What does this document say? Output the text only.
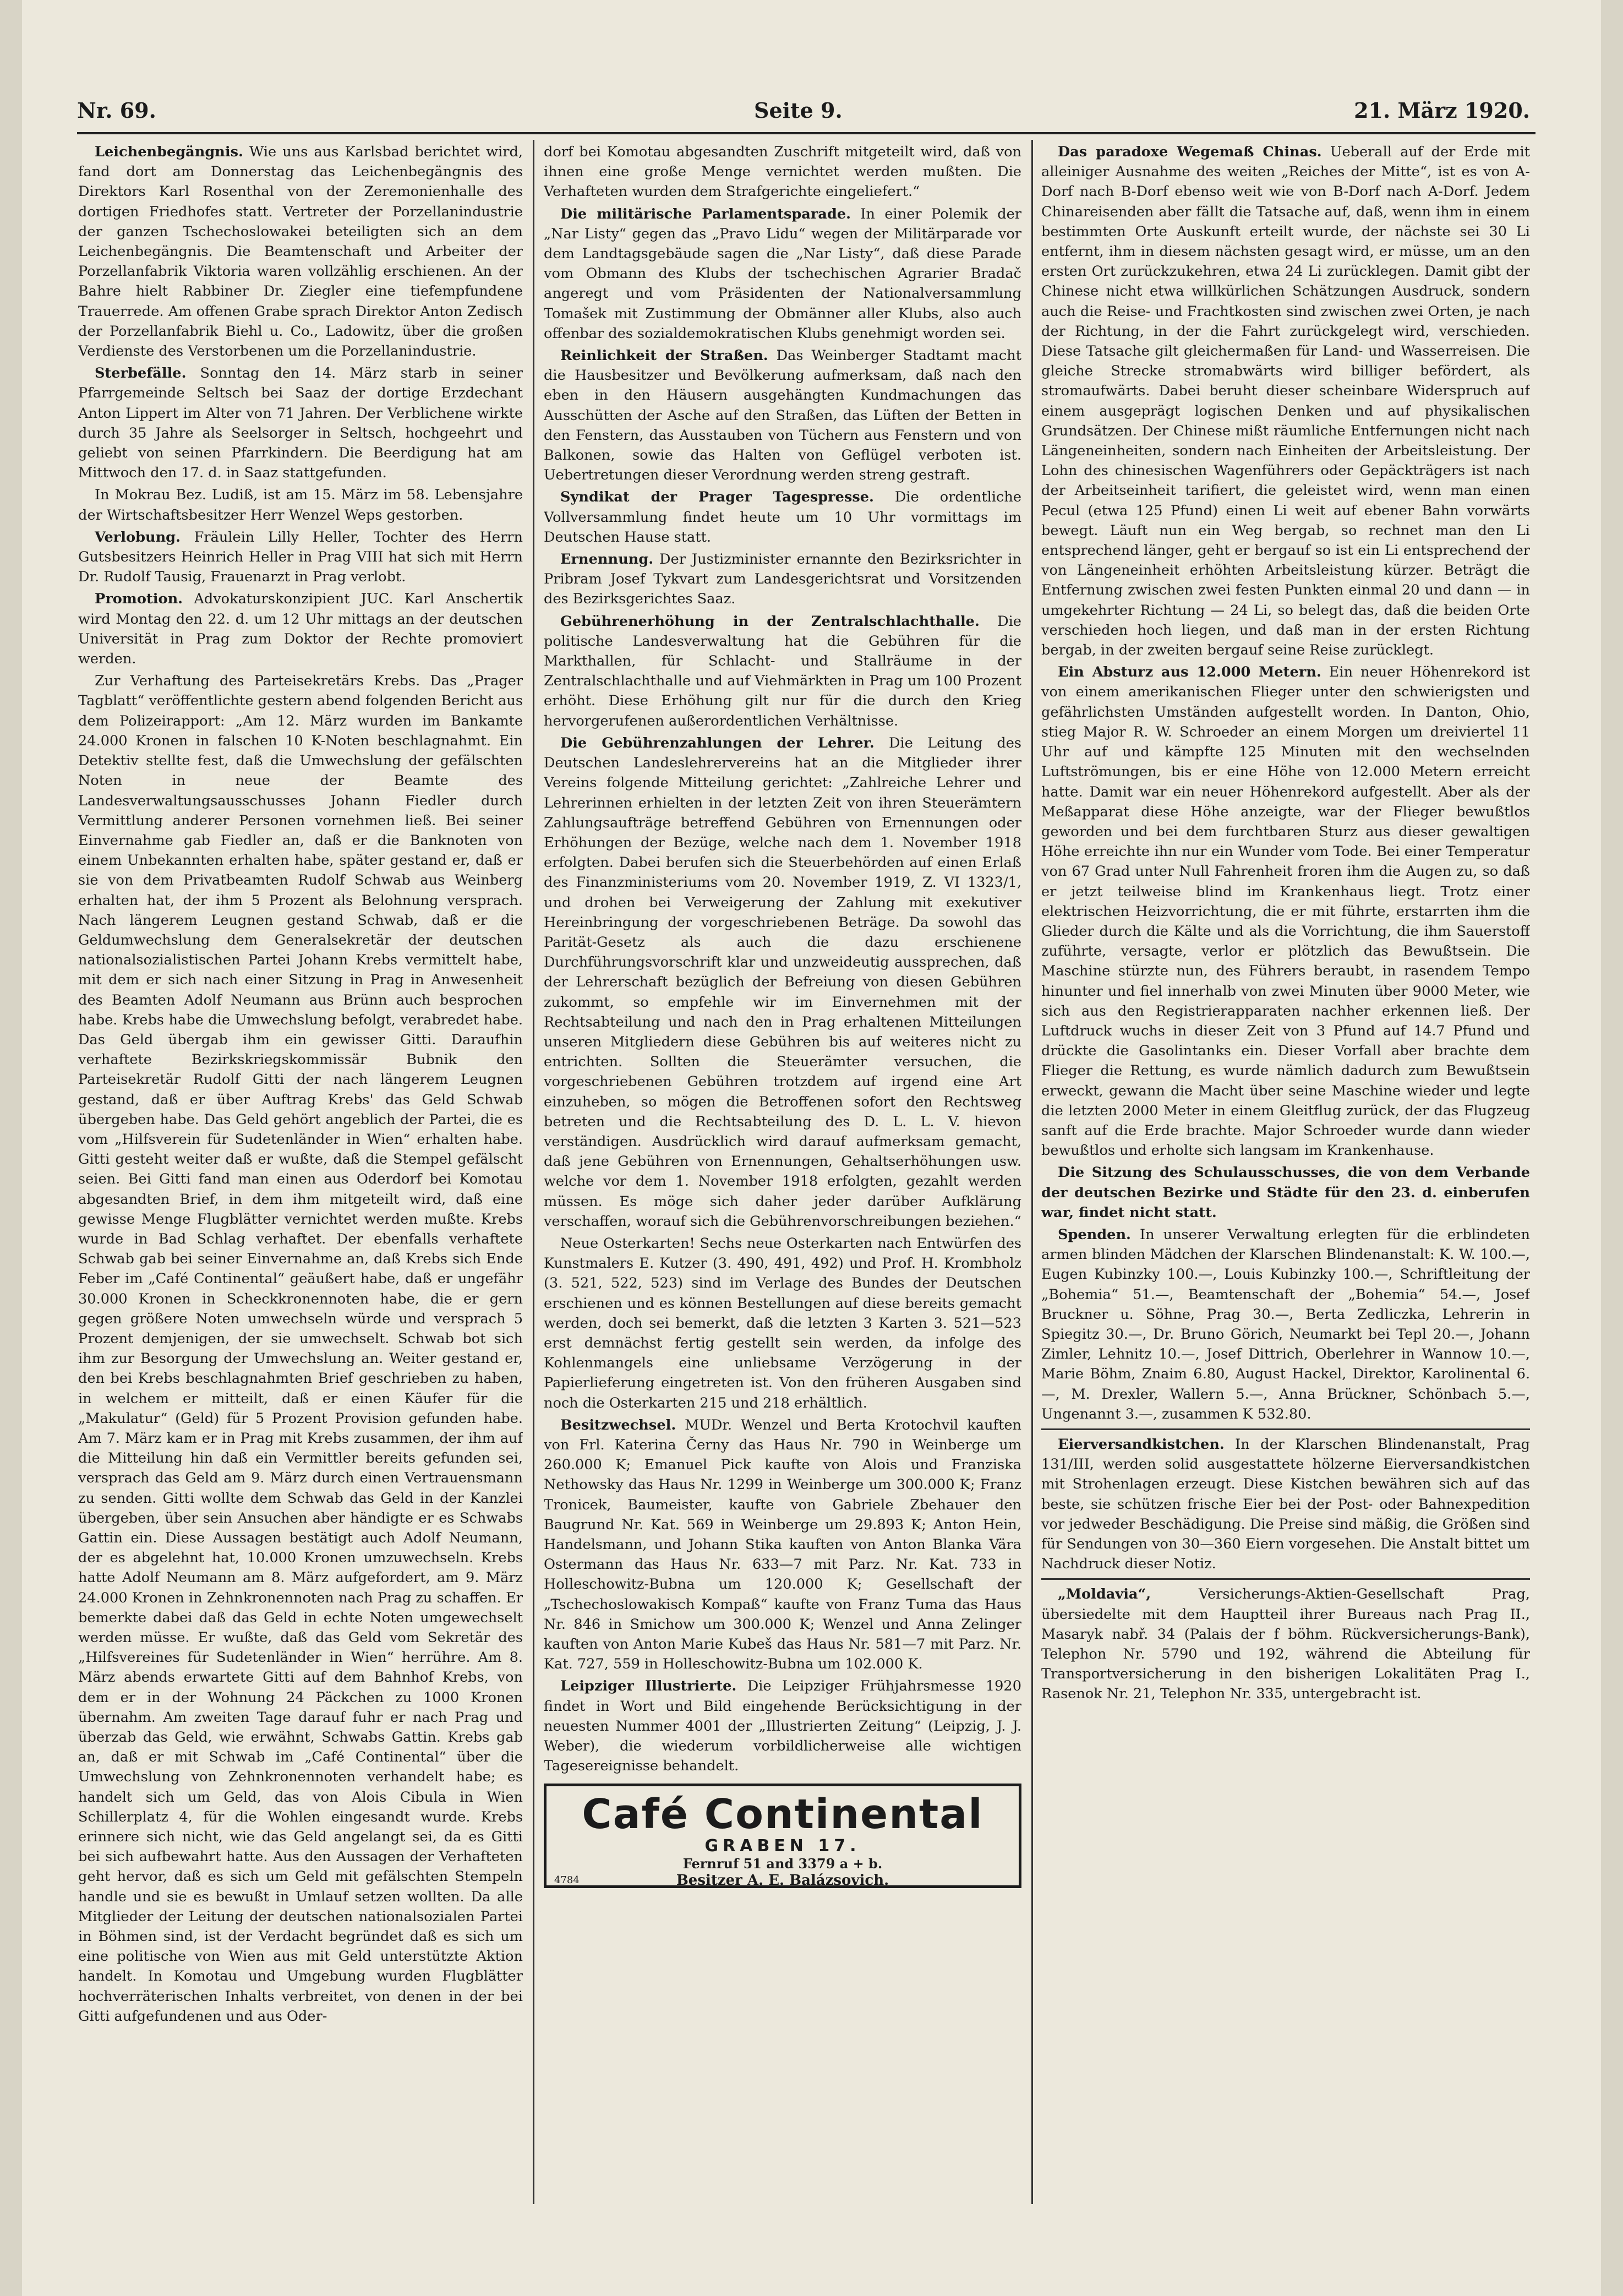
Nr. 69.	Seite 9.	21. März 1920.

Leichenbegängnis. Wie uns aus Karlsbad berichtet wird, fand dort am Donnerstag das Leichenbegängnis des Direktors Karl Rosenthal von der Zeremonienhalle des dortigen Friedhofes statt. Vertreter der Porzellanindustrie der ganzen Tschechoslowakei beteiligten sich an dem Leichenbegängnis. Die Beamtenschaft und Arbeiter der Porzellanfabrik Viktoria waren vollzählig erschienen. An der Bahre hielt Rabbiner Dr. Ziegler eine tiefempfundene Trauerrede. Am offenen Grabe sprach Direktor Anton Zedisch der Porzellanfabrik Biehl u. Co., Ladowitz, über die großen Verdienste des Verstorbenen um die Porzellanindustrie.

Sterbefälle. Sonntag den 14. März starb in seiner Pfarrgemeinde Seltsch bei Saaz der dortige Erzdechant Anton Lippert im Alter von 71 Jahren. Der Verblichene wirkte durch 35 Jahre als Seelsorger in Seltsch, hochgeehrt und geliebt von seinen Pfarrkindern. Die Beerdigung hat am Mittwoch den 17. d. in Saaz stattgefunden.

In Mokrau Bez. Ludiß, ist am 15. März im 58. Lebensjahre der Wirtschaftsbesitzer Herr Wenzel Weps gestorben.

Verlobung. Fräulein Lilly Heller, Tochter des Herrn Gutsbesitzers Heinrich Heller in Prag VIII hat sich mit Herrn Dr. Rudolf Tausig, Frauenarzt in Prag verlobt.

Promotion. Advokaturskonzipient JUC. Karl Anschertik wird Montag den 22. d. um 12 Uhr mittags an der deutschen Universität in Prag zum Doktor der Rechte promoviert werden.

Zur Verhaftung des Parteisekretärs Krebs. Das „Prager Tagblatt“ veröffentlichte gestern abend folgenden Bericht aus dem Polizeirapport: „Am 12. März wurden im Bankamte 24.000 Kronen in falschen 10 K-Noten beschlagnahmt. Ein Detektiv stellte fest, daß die Umwechslung der gefälschten Noten in neue der Beamte des Landesverwaltungsausschusses Johann Fiedler durch Vermittlung anderer Personen vornehmen ließ. Bei seiner Einvernahme gab Fiedler an, daß er die Banknoten von einem Unbekannten erhalten habe, später gestand er, daß er sie von dem Privatbeamten Rudolf Schwab aus Weinberg erhalten hat, der ihm 5 Prozent als Belohnung versprach. Nach längerem Leugnen gestand Schwab, daß er die Geldumwechslung dem Generalsekretär der deutschen nationalsozialistischen Partei Johann Krebs vermittelt habe, mit dem er sich nach einer Sitzung in Prag in Anwesenheit des Beamten Adolf Neumann aus Brünn auch besprochen habe. Krebs habe die Umwechslung befolgt, verabredet habe. Das Geld übergab ihm ein gewisser Gitti. Daraufhin verhaftete Bezirkskriegskommissär Bubnik den Parteisekretär Rudolf Gitti der nach längerem Leugnen gestand, daß er über Auftrag Krebs' das Geld Schwab übergeben habe. Das Geld gehört angeblich der Partei, die es vom „Hilfsverein für Sudetenländer in Wien“ erhalten habe. Gitti gesteht weiter daß er wußte, daß die Stempel gefälscht seien. Bei Gitti fand man einen aus Oderdorf bei Komotau abgesandten Brief, in dem ihm mitgeteilt wird, daß eine gewisse Menge Flugblätter vernichtet werden mußte. Krebs wurde in Bad Schlag verhaftet. Der ebenfalls verhaftete Schwab gab bei seiner Einvernahme an, daß Krebs sich Ende Feber im „Café Continental“ geäußert habe, daß er ungefähr 30.000 Kronen in Scheckkronennoten habe, die er gern gegen größere Noten umwechseln würde und versprach 5 Prozent demjenigen, der sie umwechselt. Schwab bot sich ihm zur Besorgung der Umwechslung an. Weiter gestand er, den bei Krebs beschlagnahmten Brief geschrieben zu haben, in welchem er mitteilt, daß er einen Käufer für die „Makulatur“ (Geld) für 5 Prozent Provision gefunden habe. Am 7. März kam er in Prag mit Krebs zusammen, der ihm auf die Mitteilung hin daß ein Vermittler bereits gefunden sei, versprach das Geld am 9. März durch einen Vertrauensmann zu senden. Gitti wollte dem Schwab das Geld in der Kanzlei übergeben, über sein Ansuchen aber händigte er es Schwabs Gattin ein. Diese Aussagen bestätigt auch Adolf Neumann, der es abgelehnt hat, 10.000 Kronen umzuwechseln. Krebs hatte Adolf Neumann am 8. März aufgefordert, am 9. März 24.000 Kronen in Zehnkronennoten nach Prag zu schaffen. Er bemerkte dabei daß das Geld in echte Noten umgewechselt werden müsse. Er wußte, daß das Geld vom Sekretär des „Hilfsvereines für Sudetenländer in Wien“ herrühre. Am 8. März abends erwartete Gitti auf dem Bahnhof Krebs, von dem er in der Wohnung 24 Päckchen zu 1000 Kronen übernahm. Am zweiten Tage darauf fuhr er nach Prag und überzab das Geld, wie erwähnt, Schwabs Gattin. Krebs gab an, daß er mit Schwab im „Café Continental“ über die Umwechslung von Zehnkronennoten verhandelt habe; es handelt sich um Geld, das von Alois Cibula in Wien Schillerplatz 4, für die Wohlen eingesandt wurde. Krebs erinnere sich nicht, wie das Geld angelangt sei, da es Gitti bei sich aufbewahrt hatte. Aus den Aussagen der Verhafteten geht hervor, daß es sich um Geld mit gefälschten Stempeln handle und sie es bewußt in Umlauf setzen wollten. Da alle Mitglieder der Leitung der deutschen nationalsozialen Partei in Böhmen sind, ist der Verdacht begründet daß es sich um eine politische von Wien aus mit Geld unterstützte Aktion handelt. In Komotau und Umgebung wurden Flugblätter hochverräterischen Inhalts verbreitet, von denen in der bei Gitti aufgefundenen und aus Oder-

dorf bei Komotau abgesandten Zuschrift mitgeteilt wird, daß von ihnen eine große Menge vernichtet werden mußten. Die Verhafteten wurden dem Strafgerichte eingeliefert.“

Die militärische Parlamentsparade. In einer Polemik der „Nar Listy“ gegen das „Pravo Lidu“ wegen der Militärparade vor dem Landtagsgebäude sagen die „Nar Listy“, daß diese Parade vom Obmann des Klubs der tschechischen Agrarier Bradač angeregt und vom Präsidenten der Nationalversammlung Tomašek mit Zustimmung der Obmänner aller Klubs, also auch offenbar des sozialdemokratischen Klubs genehmigt worden sei.

Reinlichkeit der Straßen. Das Weinberger Stadtamt macht die Hausbesitzer und Bevölkerung aufmerksam, daß nach den eben in den Häusern ausgehängten Kundmachungen das Ausschütten der Asche auf den Straßen, das Lüften der Betten in den Fenstern, das Ausstauben von Tüchern aus Fenstern und von Balkonen, sowie das Halten von Geflügel verboten ist. Uebertretungen dieser Verordnung werden streng gestraft.

Syndikat der Prager Tagespresse. Die ordentliche Vollversammlung findet heute um 10 Uhr vormittags im Deutschen Hause statt.

Ernennung. Der Justizminister ernannte den Bezirksrichter in Pribram Josef Tykvart zum Landesgerichtsrat und Vorsitzenden des Bezirksgerichtes Saaz.

Gebührenerhöhung in der Zentralschlachthalle. Die politische Landesverwaltung hat die Gebühren für die Markthallen, für Schlacht- und Stallräume in der Zentralschlachthalle und auf Viehmärkten in Prag um 100 Prozent erhöht. Diese Erhöhung gilt nur für die durch den Krieg hervorgerufenen außerordentlichen Verhältnisse.

Die Gebührenzahlungen der Lehrer. Die Leitung des Deutschen Landeslehrervereins hat an die Mitglieder ihrer Vereins folgende Mitteilung gerichtet: „Zahlreiche Lehrer und Lehrerinnen erhielten in der letzten Zeit von ihren Steuerämtern Zahlungsaufträge betreffend Gebühren von Ernennungen oder Erhöhungen der Bezüge, welche nach dem 1. November 1918 erfolgten. Dabei berufen sich die Steuerbehörden auf einen Erlaß des Finanzministeriums vom 20. November 1919, Z. VI 1323/1, und drohen bei Verweigerung der Zahlung mit exekutiver Hereinbringung der vorgeschriebenen Beträge. Da sowohl das Parität-Gesetz als auch die dazu erschienene Durchführungsvorschrift klar und unzweideutig aussprechen, daß der Lehrerschaft bezüglich der Befreiung von diesen Gebühren zukommt, so empfehle wir im Einvernehmen mit der Rechtsabteilung und nach den in Prag erhaltenen Mitteilungen unseren Mitgliedern diese Gebühren bis auf weiteres nicht zu entrichten. Sollten die Steuerämter versuchen, die vorgeschriebenen Gebühren trotzdem auf irgend eine Art einzuheben, so mögen die Betroffenen sofort den Rechtsweg betreten und die Rechtsabteilung des D. L. L. V. hievon verständigen. Ausdrücklich wird darauf aufmerksam gemacht, daß jene Gebühren von Ernennungen, Gehaltserhöhungen usw. welche vor dem 1. November 1918 erfolgten, gezahlt werden müssen. Es möge sich daher jeder darüber Aufklärung verschaffen, worauf sich die Gebührenvorschreibungen beziehen.“

Neue Osterkarten! Sechs neue Osterkarten nach Entwürfen des Kunstmalers E. Kutzer (3. 490, 491, 492) und Prof. H. Krombholz (3. 521, 522, 523) sind im Verlage des Bundes der Deutschen erschienen und es können Bestellungen auf diese bereits gemacht werden, doch sei bemerkt, daß die letzten 3 Karten 3. 521—523 erst demnächst fertig gestellt sein werden, da infolge des Kohlenmangels eine unliebsame Verzögerung in der Papierlieferung eingetreten ist. Von den früheren Ausgaben sind noch die Osterkarten 215 und 218 erhältlich.

Besitzwechsel. MUDr. Wenzel und Berta Krotochvil kauften von Frl. Katerina Černy das Haus Nr. 790 in Weinberge um 260.000 K; Emanuel Pick kaufte von Alois und Franziska Nethowsky das Haus Nr. 1299 in Weinberge um 300.000 K; Franz Tronicek, Baumeister, kaufte von Gabriele Zbehauer den Baugrund Nr. Kat. 569 in Weinberge um 29.893 K; Anton Hein, Handelsmann, und Johann Stika kauften von Anton Blanka Vära Ostermann das Haus Nr. 633—7 mit Parz. Nr. Kat. 733 in Holleschowitz-Bubna um 120.000 K; Gesellschaft der „Tschechoslowakisch Kompaß“ kaufte von Franz Tuma das Haus Nr. 846 in Smichow um 300.000 K; Wenzel und Anna Zelinger kauften von Anton Marie Kubeš das Haus Nr. 581—7 mit Parz. Nr. Kat. 727, 559 in Holleschowitz-Bubna um 102.000 K.

Leipziger Illustrierte. Die Leipziger Frühjahrsmesse 1920 findet in Wort und Bild eingehende Berücksichtigung in der neuesten Nummer 4001 der „Illustrierten Zeitung“ (Leipzig, J. J. Weber), die wiederum vorbildlicherweise alle wichtigen Tagesereignisse behandelt.

Café Continental
GRABEN 17.
Fernruf 51 and 3379 a + b.
4784	Besitzer A. E. Balázsovich.

Das paradoxe Wegemaß Chinas. Ueberall auf der Erde mit alleiniger Ausnahme des weiten „Reiches der Mitte“, ist es von A-Dorf nach B-Dorf ebenso weit wie von B-Dorf nach A-Dorf. Jedem Chinareisenden aber fällt die Tatsache auf, daß, wenn ihm in einem bestimmten Orte Auskunft erteilt wurde, der nächste sei 30 Li entfernt, ihm in diesem nächsten gesagt wird, er müsse, um an den ersten Ort zurückzukehren, etwa 24 Li zurücklegen. Damit gibt der Chinese nicht etwa willkürlichen Schätzungen Ausdruck, sondern auch die Reise- und Frachtkosten sind zwischen zwei Orten, je nach der Richtung, in der die Fahrt zurückgelegt wird, verschieden. Diese Tatsache gilt gleichermaßen für Land- und Wasserreisen. Die gleiche Strecke stromabwärts wird billiger befördert, als stromaufwärts. Dabei beruht dieser scheinbare Widerspruch auf einem ausgeprägt logischen Denken und auf physikalischen Grundsätzen. Der Chinese mißt räumliche Entfernungen nicht nach Längeneinheiten, sondern nach Einheiten der Arbeitsleistung. Der Lohn des chinesischen Wagenführers oder Gepäckträgers ist nach der Arbeitseinheit tarifiert, die geleistet wird, wenn man einen Pecul (etwa 125 Pfund) einen Li weit auf ebener Bahn vorwärts bewegt. Läuft nun ein Weg bergab, so rechnet man den Li entsprechend länger, geht er bergauf so ist ein Li entsprechend der von Längeneinheit erhöhten Arbeitsleistung kürzer. Beträgt die Entfernung zwischen zwei festen Punkten einmal 20 und dann — in umgekehrter Richtung — 24 Li, so belegt das, daß die beiden Orte verschieden hoch liegen, und daß man in der ersten Richtung bergab, in der zweiten bergauf seine Reise zurücklegt.

Ein Absturz aus 12.000 Metern. Ein neuer Höhenrekord ist von einem amerikanischen Flieger unter den schwierigsten und gefährlichsten Umständen aufgestellt worden. In Danton, Ohio, stieg Major R. W. Schroeder an einem Morgen um dreiviertel 11 Uhr auf und kämpfte 125 Minuten mit den wechselnden Luftströmungen, bis er eine Höhe von 12.000 Metern erreicht hatte. Damit war ein neuer Höhenrekord aufgestellt. Aber als der Meßapparat diese Höhe anzeigte, war der Flieger bewußtlos geworden und bei dem furchtbaren Sturz aus dieser gewaltigen Höhe erreichte ihn nur ein Wunder vom Tode. Bei einer Temperatur von 67 Grad unter Null Fahrenheit froren ihm die Augen zu, so daß er jetzt teilweise blind im Krankenhaus liegt. Trotz einer elektrischen Heizvorrichtung, die er mit führte, erstarrten ihm die Glieder durch die Kälte und als die Vorrichtung, die ihm Sauerstoff zuführte, versagte, verlor er plötzlich das Bewußtsein. Die Maschine stürzte nun, des Führers beraubt, in rasendem Tempo hinunter und fiel innerhalb von zwei Minuten über 9000 Meter, wie sich aus den Registrierapparaten nachher erkennen ließ. Der Luftdruck wuchs in dieser Zeit von 3 Pfund auf 14.7 Pfund und drückte die Gasolintanks ein. Dieser Vorfall aber brachte dem Flieger die Rettung, es wurde nämlich dadurch zum Bewußtsein erweckt, gewann die Macht über seine Maschine wieder und legte die letzten 2000 Meter in einem Gleitflug zurück, der das Flugzeug sanft auf die Erde brachte. Major Schroeder wurde dann wieder bewußtlos und erholte sich langsam im Krankenhause.

Die Sitzung des Schulausschusses, die von dem Verbande der deutschen Bezirke und Städte für den 23. d. einberufen war, findet nicht statt.

Spenden. In unserer Verwaltung erlegten für die erblindeten armen blinden Mädchen der Klarschen Blindenanstalt: K. W. 100.—, Eugen Kubinzky 100.—, Louis Kubinzky 100.—, Schriftleitung der „Bohemia“ 51.—, Beamtenschaft der „Bohemia“ 54.—, Josef Bruckner u. Söhne, Prag 30.—, Berta Zedliczka, Lehrerin in Spiegitz 30.—, Dr. Bruno Görich, Neumarkt bei Tepl 20.—, Johann Zimler, Lehnitz 10.—, Josef Dittrich, Oberlehrer in Wannow 10.—, Marie Böhm, Znaim 6.80, August Hackel, Direktor, Karolinental 6.—, M. Drexler, Wallern 5.—, Anna Brückner, Schönbach 5.—, Ungenannt 3.—, zusammen K 532.80.

Eierversandkistchen. In der Klarschen Blindenanstalt, Prag 131/III, werden solid ausgestattete hölzerne Eierversandkistchen mit Strohenlagen erzeugt. Diese Kistchen bewähren sich auf das beste, sie schützen frische Eier bei der Post- oder Bahnexpedition vor jedweder Beschädigung. Die Preise sind mäßig, die Größen sind für Sendungen von 30—360 Eiern vorgesehen. Die Anstalt bittet um Nachdruck dieser Notiz.

„Moldavia“, Versicherungs-Aktien-Gesellschaft Prag, übersiedelte mit dem Hauptteil ihrer Bureaus nach Prag II., Masaryk nabř. 34 (Palais der f böhm. Rückversicherungs-Bank), Telephon Nr. 5790 und 192, während die Abteilung für Transportversicherung in den bisherigen Lokalitäten Prag I., Rasenok Nr. 21, Telephon Nr. 335, untergebracht ist.
